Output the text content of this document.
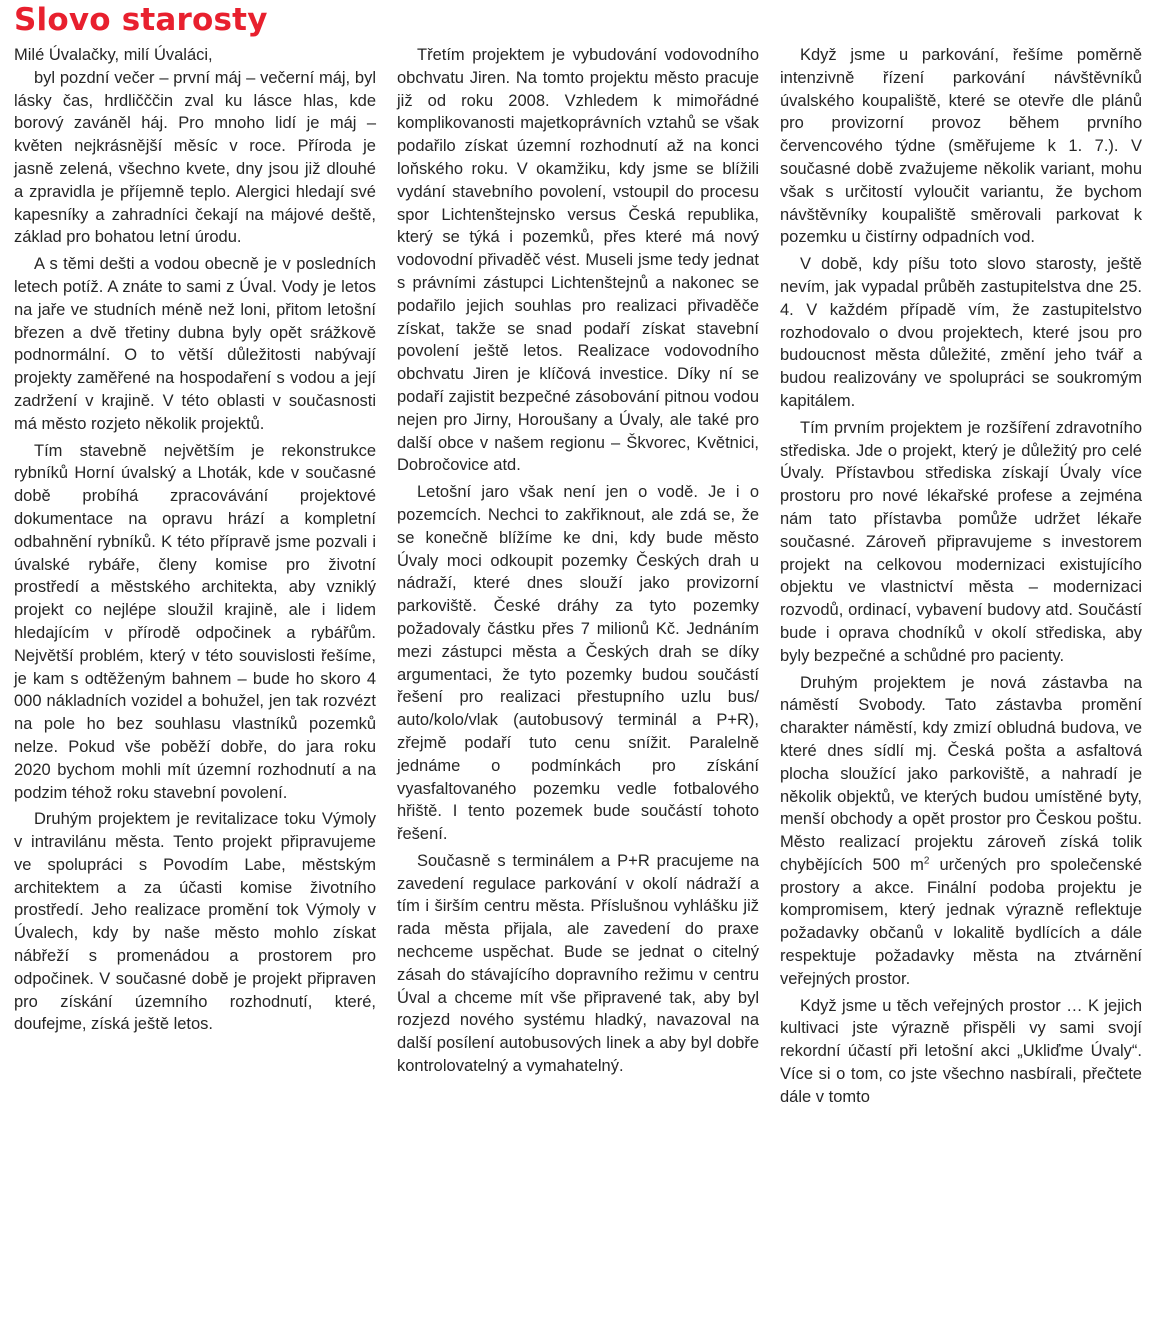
Slovo starosty

Milé Úvalačky, milí Úvaláci,

byl pozdní večer – první máj – večerní máj, byl lásky čas, hrdličččin zval ku lásce hlas, kde borový zaváněl háj. Pro mnoho lidí je máj – květen nejkrásnější měsíc v roce. Příroda je jasně zelená, všechno kvete, dny jsou již dlouhé a zpravidla je příjemně teplo. Alergici hledají své kapesníky a zahradníci čekají na májové deště, základ pro bohatou letní úrodu.

A s těmi dešti a vodou obecně je v posledních letech potíž. A znáte to sami z Úval. Vody je letos na jaře ve studních méně než loni, přitom letošní březen a dvě třetiny dubna byly opět srážkově podnormální. O to větší důležitosti nabývají projekty zaměřené na hospodaření s vodou a její zadržení v krajině. V této oblasti v současnosti má město rozjeto několik projektů.

Tím stavebně největším je rekonstrukce rybníků Horní úvalský a Lhoták, kde v současné době probíhá zpracovávání projektové dokumentace na opravu hrází a kompletní odbahnění rybníků. K této přípravě jsme pozvali i úvalské rybáře, členy komise pro životní prostředí a městského architekta, aby vzniklý projekt co nejlépe sloužil krajině, ale i lidem hledajícím v přírodě odpočinek a rybářům. Největší problém, který v této souvislosti řešíme, je kam s odtěženým bahnem – bude ho skoro 4 000 nákladních vozidel a bohužel, jen tak rozvézt na pole ho bez souhlasu vlastníků pozemků nelze. Pokud vše poběží dobře, do jara roku 2020 bychom mohli mít územní rozhodnutí a na podzim téhož roku stavební povolení.

Druhým projektem je revitalizace toku Výmoly v intravilánu města. Tento projekt připravujeme ve spolupráci s Povodím Labe, městským architektem a za účasti komise životního prostředí. Jeho realizace promění tok Výmoly v Úvalech, kdy by naše město mohlo získat nábřeží s promenádou a prostorem pro odpočinek. V současné době je projekt připraven pro získání územního rozhodnutí, které, doufejme, získá ještě letos.

Třetím projektem je vybudování vodovodního obchvatu Jiren. Na tomto projektu město pracuje již od roku 2008. Vzhledem k mimořádné komplikovanosti majetkoprávních vztahů se však podařilo získat územní rozhodnutí až na konci loňského roku. V okamžiku, kdy jsme se blížili vydání stavebního povolení, vstoupil do procesu spor Lichtenštejnsko versus Česká republika, který se týká i pozemků, přes které má nový vodovodní přivaděč vést. Museli jsme tedy jednat s právními zástupci Lichtenštejnů a nakonec se podařilo jejich souhlas pro realizaci přivaděče získat, takže se snad podaří získat stavební povolení ještě letos. Realizace vodovodního obchvatu Jiren je klíčová investice. Díky ní se podaří zajistit bezpečné zásobování pitnou vodou nejen pro Jirny, Horoušany a Úvaly, ale také pro další obce v našem regionu – Škvorec, Květnici, Dobročovice atd.

Letošní jaro však není jen o vodě. Je i o pozemcích. Nechci to zakřiknout, ale zdá se, že se konečně blížíme ke dni, kdy bude město Úvaly moci odkoupit pozemky Českých drah u nádraží, které dnes slouží jako provizorní parkoviště. České dráhy za tyto pozemky požadovaly částku přes 7 milionů Kč. Jednáním mezi zástupci města a Českých drah se díky argumentaci, že tyto pozemky budou součástí řešení pro realizaci přestupního uzlu bus/ auto/kolo/vlak (autobusový terminál a P+R), zřejmě podaří tuto cenu snížit. Paralelně jednáme o podmínkách pro získání vyasfaltovaného pozemku vedle fotbalového hřiště. I tento pozemek bude součástí tohoto řešení.

Současně s terminálem a P+R pracujeme na zavedení regulace parkování v okolí nádraží a tím i širším centru města. Příslušnou vyhlášku již rada města přijala, ale zavedení do praxe nechceme uspěchat. Bude se jednat o citelný zásah do stávajícího dopravního režimu v centru Úval a chceme mít vše připravené tak, aby byl rozjezd nového systému hladký, navazoval na další posílení autobusových linek a aby byl dobře kontrolovatelný a vymahatelný.

Když jsme u parkování, řešíme poměrně intenzivně řízení parkování návštěvníků úvalského koupaliště, které se otevře dle plánů pro provizorní provoz během prvního červencového týdne (směřujeme k 1. 7.). V současné době zvažujeme několik variant, mohu však s určitostí vyloučit variantu, že bychom návštěvníky koupaliště směrovali parkovat k pozemku u čistírny odpadních vod.

V době, kdy píšu toto slovo starosty, ještě nevím, jak vypadal průběh zastupitelstva dne 25. 4. V každém případě vím, že zastupitelstvo rozhodovalo o dvou projektech, které jsou pro budoucnost města důležité, změní jeho tvář a budou realizovány ve spolupráci se soukromým kapitálem.

Tím prvním projektem je rozšíření zdravotního střediska. Jde o projekt, který je důležitý pro celé Úvaly. Přístavbou střediska získají Úvaly více prostoru pro nové lékařské profese a zejména nám tato přístavba pomůže udržet lékaře současné. Zároveň připravujeme s investorem projekt na celkovou modernizaci existujícího objektu ve vlastnictví města – modernizaci rozvodů, ordinací, vybavení budovy atd. Součástí bude i oprava chodníků v okolí střediska, aby byly bezpečné a schůdné pro pacienty.

Druhým projektem je nová zástavba na náměstí Svobody. Tato zástavba promění charakter náměstí, kdy zmizí obludná budova, ve které dnes sídlí mj. Česká pošta a asfaltová plocha sloužící jako parkoviště, a nahradí je několik objektů, ve kterých budou umístěné byty, menší obchody a opět prostor pro Českou poštu. Město realizací projektu zároveň získá tolik chybějících 500 $m^2$ určených pro společenské prostory a akce. Finální podoba projektu je kompromisem, který jednak výrazně reflektuje požadavky občanů v lokalitě bydlících a dále respektuje požadavky města na ztvárnění veřejných prostor.

Když jsme u těch veřejných prostor … K jejich kultivaci jste výrazně přispěli vy sami svojí rekordní účastí při letošní akci „Ukliďme Úvaly“. Více si o tom, co jste všechno nasbírali, přečtete dále v tomto
